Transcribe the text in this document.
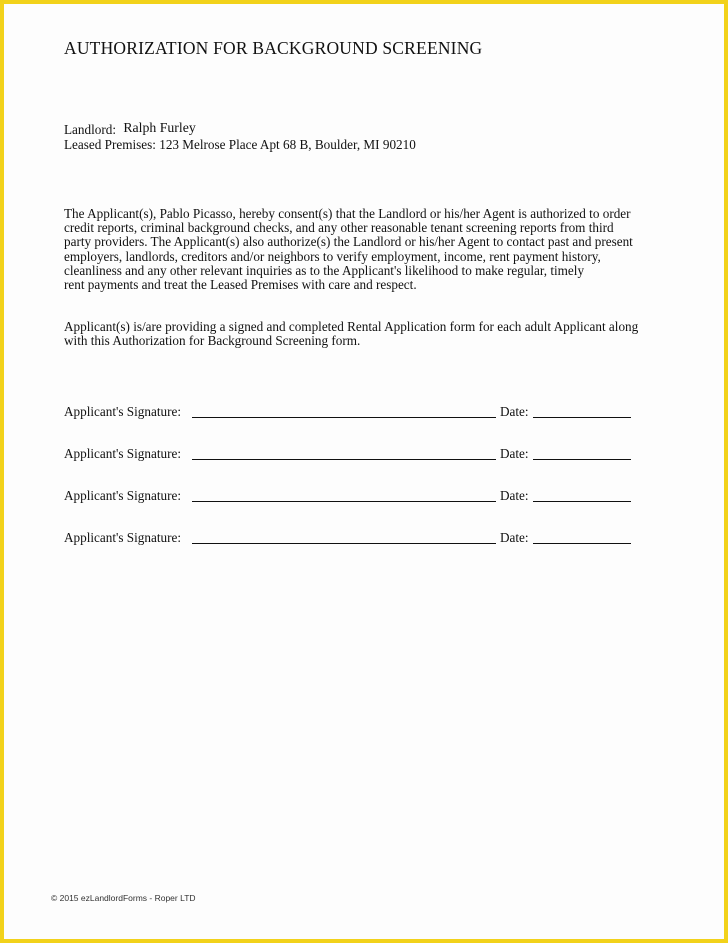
AUTHORIZATION FOR BACKGROUND SCREENING
Landlord: Ralph Furley
Leased Premises: 123 Melrose Place Apt 68 B, Boulder, MI 90210
The Applicant(s), Pablo Picasso, hereby consent(s) that the Landlord or his/her Agent is authorized to order
credit reports, criminal background checks, and any other reasonable tenant screening reports from third
party providers. The Applicant(s) also authorize(s) the Landlord or his/her Agent to contact past and present
employers, landlords, creditors and/or neighbors to verify employment, income, rent payment history,
cleanliness and any other relevant inquiries as to the Applicant's likelihood to make regular, timely
rent payments and treat the Leased Premises with care and respect.
Applicant(s) is/are providing a signed and completed Rental Application form for each adult Applicant along
with this Authorization for Background Screening form.
Applicant's Signature:	Date:
Applicant's Signature:	Date:
Applicant's Signature:	Date:
Applicant's Signature:	Date:
© 2015 ezLandlordForms - Roper LTD
